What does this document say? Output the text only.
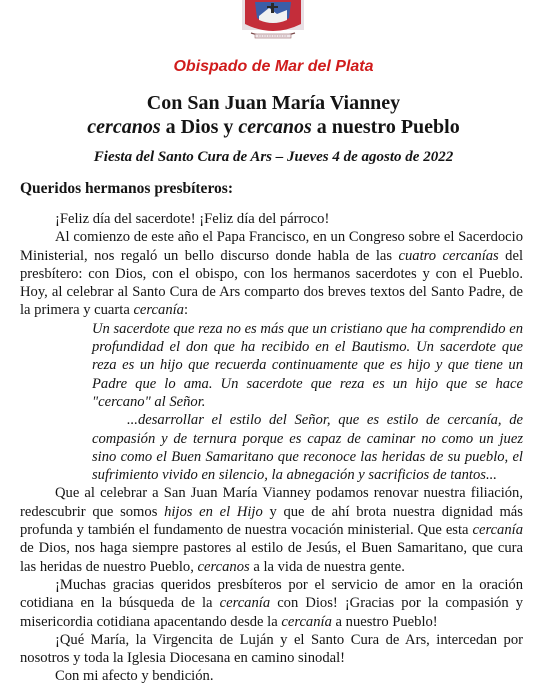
Obispado de Mar del Plata
Con San Juan María Vianney
cercanos a Dios y cercanos a nuestro Pueblo
Fiesta del Santo Cura de Ars – Jueves 4 de agosto de 2022
Queridos hermanos presbíteros:

¡Feliz día del sacerdote! ¡Feliz día del párroco!

Al comienzo de este año el Papa Francisco, en un Congreso sobre el Sacerdocio Ministerial, nos regaló un bello discurso donde habla de las cuatro cercanías del presbítero: con Dios, con el obispo, con los hermanos sacerdotes y con el Pueblo. Hoy, al celebrar al Santo Cura de Ars comparto dos breves textos del Santo Padre, de la primera y cuarta cercanía:

Un sacerdote que reza no es más que un cristiano que ha comprendido en profundidad el don que ha recibido en el Bautismo. Un sacerdote que reza es un hijo que recuerda continuamente que es hijo y que tiene un Padre que lo ama. Un sacerdote que reza es un hijo que se hace "cercano" al Señor.
...desarrollar el estilo del Señor, que es estilo de cercanía, de compasión y de ternura porque es capaz de caminar no como un juez sino como el Buen Samaritano que reconoce las heridas de su pueblo, el sufrimiento vivido en silencio, la abnegación y sacrificios de tantos...

Que al celebrar a San Juan María Vianney podamos renovar nuestra filiación, redescubrir que somos hijos en el Hijo y que de ahí brota nuestra dignidad más profunda y también el fundamento de nuestra vocación ministerial. Que esta cercanía de Dios, nos haga siempre pastores al estilo de Jesús, el Buen Samaritano, que cura las heridas de nuestro Pueblo, cercanos a la vida de nuestra gente.

¡Muchas gracias queridos presbíteros por el servicio de amor en la oración cotidiana en la búsqueda de la cercanía con Dios! ¡Gracias por la compasión y misericordia cotidiana apacentando desde la cercanía a nuestro Pueblo!

¡Qué María, la Virgencita de Luján y el Santo Cura de Ars, intercedan por nosotros y toda la Iglesia Diocesana en camino sinodal!

Con mi afecto y bendición.
